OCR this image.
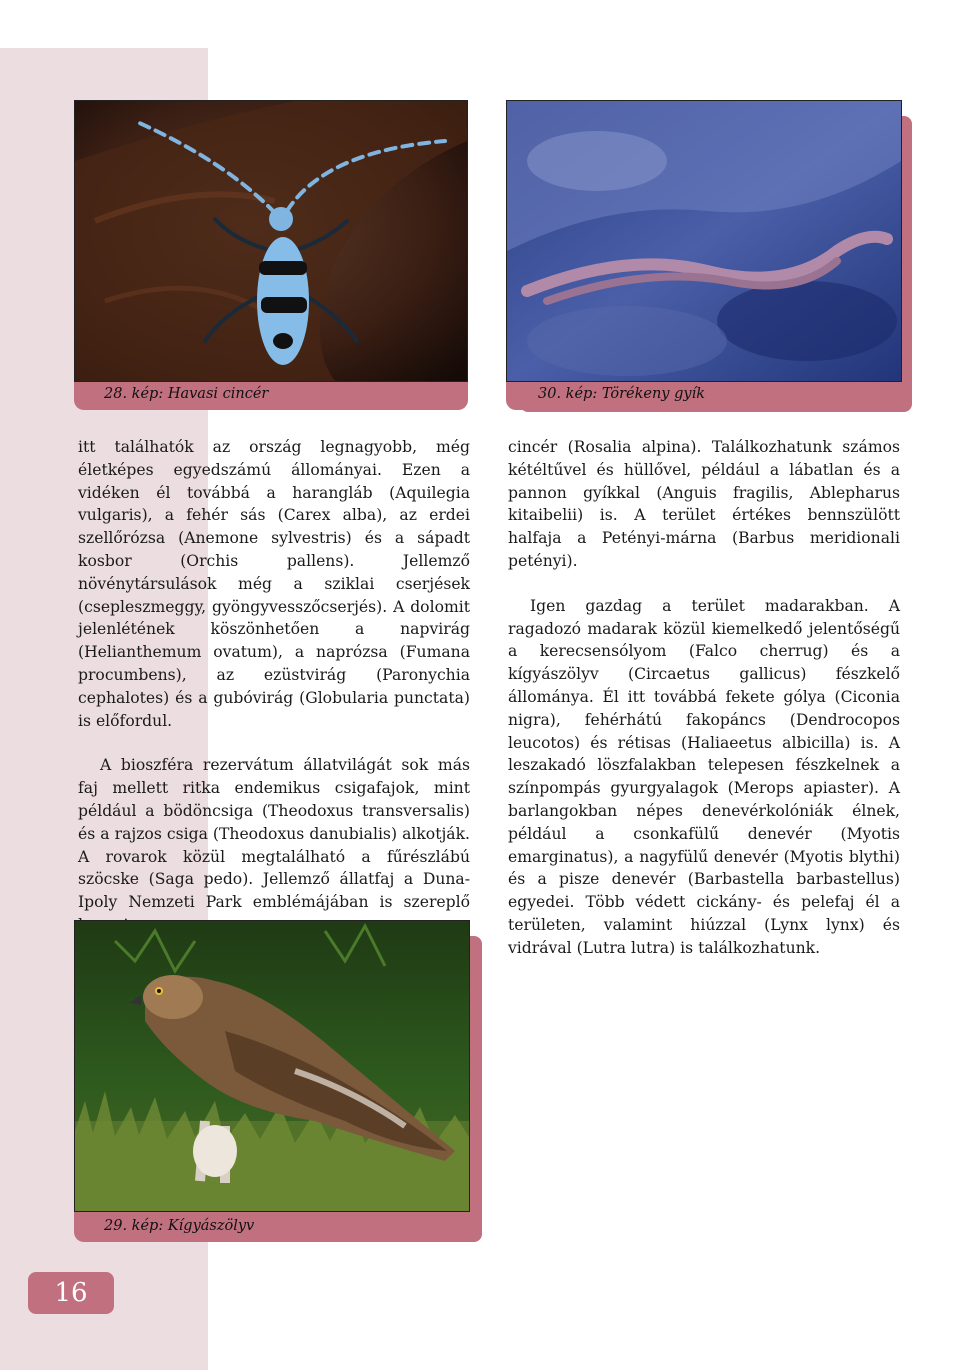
28. kép: Havasi cincér	30. kép: Törékeny gyík

itt találhatók az ország legnagyobb, még életképes egyedszámú állományai. Ezen a vidéken él továbbá a harangláb (Aquilegia vulgaris), a fehér sás (Carex alba), az erdei szellőrózsa (Anemone sylvestris) és a sápadt kosbor (Orchis pallens). Jellemző növénytársulások még a sziklai cserjések (csepleszmeggy, gyöngyvesszőcserjés). A dolomit jelenlétének köszönhetően a napvirág (Helianthemum ovatum), a naprózsa (Fumana procumbens), az ezüstvirág (Paronychia cephalotes) és a gubóvirág (Globularia punctata) is előfordul.

A bioszféra rezervátum állatvilágát sok más faj mellett ritka endemikus csigafajok, mint például a bödöncsiga (Theodoxus transversalis) és a rajzos csiga (Theodoxus danubialis) alkotják. A rovarok közül megtalálható a fűrészlábú szöcske (Saga pedo). Jellemző állatfaj a Duna-Ipoly Nemzeti Park emblémájában is szereplő

cincér (Rosalia alpina). Találkozhatunk számos kétéltűvel és hüllővel, például a lábatlan és a pannon gyíkkal (Anguis fragilis, Ablepharus kitaibelii) is. A terület értékes bennszülött halfaja a Petényi-márna (Barbus meridionali petényi).

Igen gazdag a terület madarakban. A ragadozó madarak közül kiemelkedő jelentőségű a kerecsensólyom (Falco cherrug) és a kígyászölyv (Circaetus gallicus) fészkelő állománya. Él itt továbbá fekete gólya (Ciconia nigra), fehérhátú fakopáncs (Dendrocopos leucotos) és rétisas (Haliaeetus albicilla) is. A leszakadó löszfalakban telepesen fészkelnek a színpompás gyurgyalagok (Merops apiaster). A barlangokban népes denevérkolóniák élnek, például a csonkafülű denevér (Myotis emarginatus), a nagyfülű denevér (Myotis blythi) és a pisze denevér (Barbastella barbastellus) egyedei. Több védett cickány- és pelefaj él a területen, valamint hiúzzal (Lynx lynx) és vidrával (Lutra lutra) is találkozhatunk.

29. kép: Kígyászölyv
16
